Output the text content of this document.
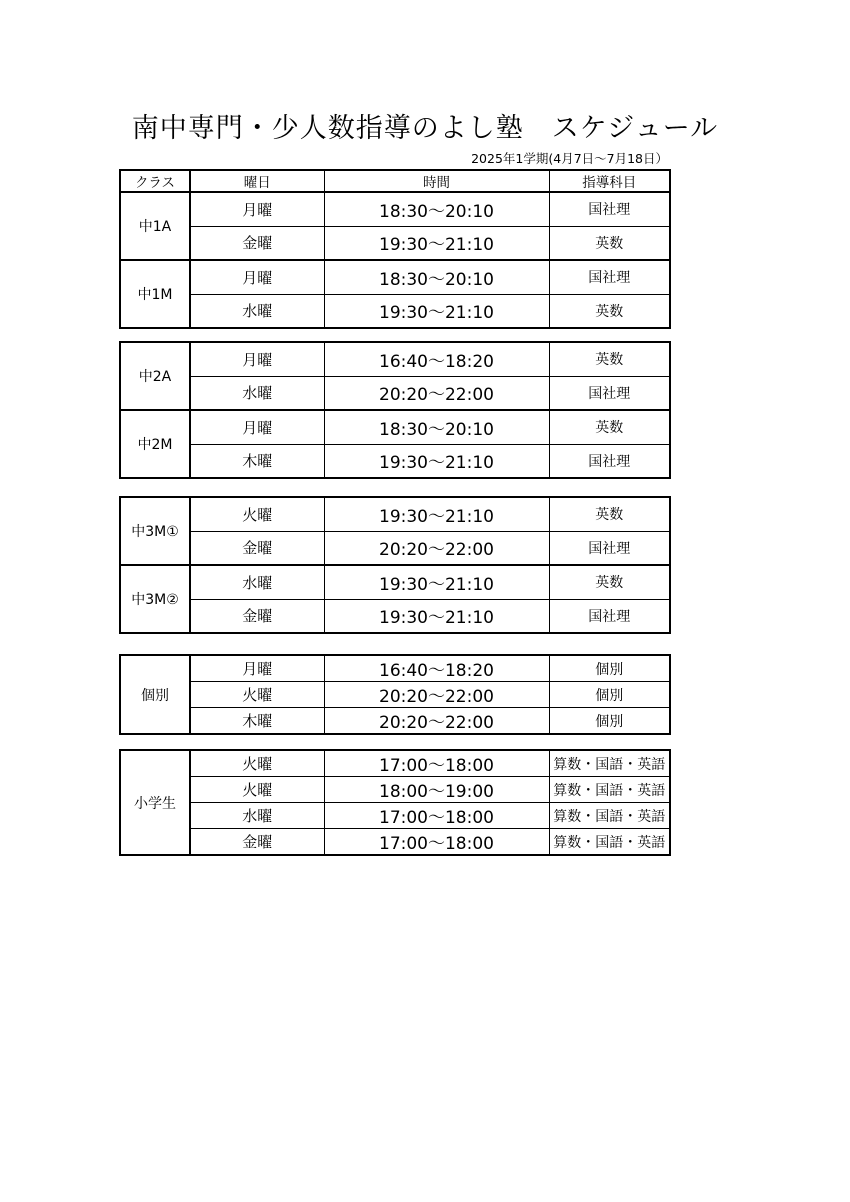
南中専門・少人数指導のよし塾　スケジュール
2025年1学期(4月7日～7月18日）
クラス	曜日	時間	指導科目
中1A	月曜	18:30～20:10	国社理
	金曜	19:30～21:10	英数
中1M	月曜	18:30～20:10	国社理
	水曜	19:30～21:10	英数
中2A	月曜	16:40～18:20	英数
	水曜	20:20～22:00	国社理
中2M	月曜	18:30～20:10	英数
	木曜	19:30～21:10	国社理
中3M①	火曜	19:30～21:10	英数
	金曜	20:20～22:00	国社理
中3M②	水曜	19:30～21:10	英数
	金曜	19:30～21:10	国社理
個別	月曜	16:40～18:20	個別
	火曜	20:20～22:00	個別
	木曜	20:20～22:00	個別
小学生	火曜	17:00～18:00	算数・国語・英語
	火曜	18:00～19:00	算数・国語・英語
	水曜	17:00～18:00	算数・国語・英語
	金曜	17:00～18:00	算数・国語・英語
